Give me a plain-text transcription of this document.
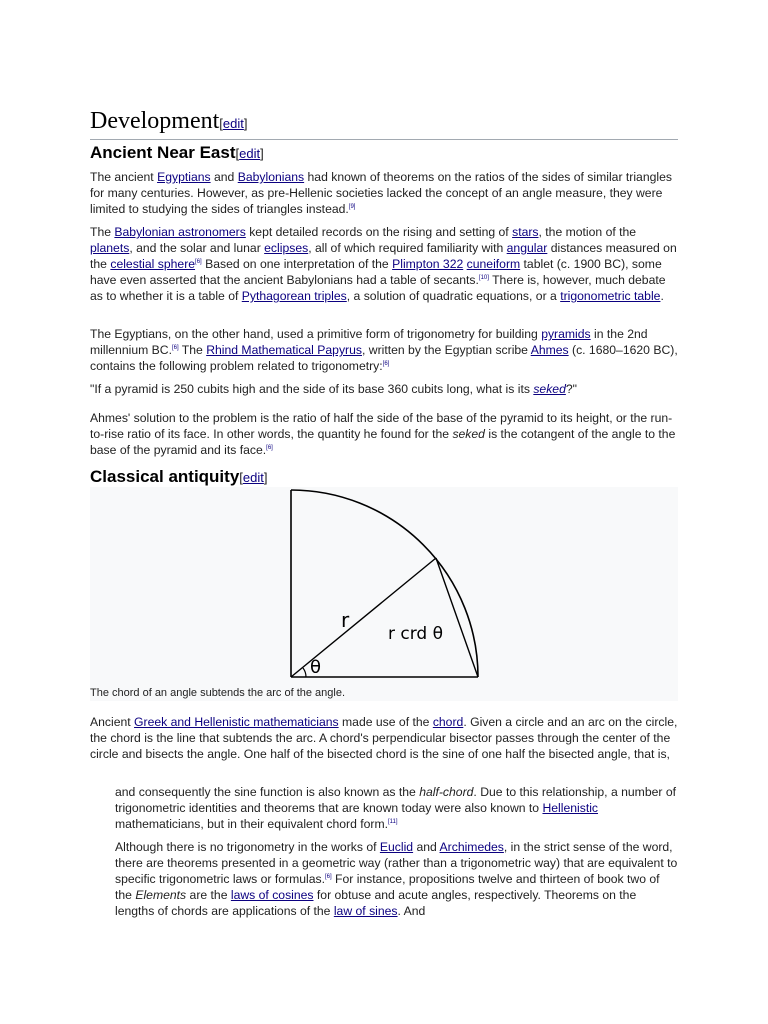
Development[edit]
Ancient Near East[edit]

The ancient Egyptians and Babylonians had known of theorems on the ratios of the sides of similar triangles for many centuries. However, as pre-Hellenic societies lacked the concept of an angle measure, they were limited to studying the sides of triangles instead.[9]

The Babylonian astronomers kept detailed records on the rising and setting of stars, the motion of the planets, and the solar and lunar eclipses, all of which required familiarity with angular distances measured on the celestial sphere[6] Based on one interpretation of the Plimpton 322 cuneiform tablet (c. 1900 BC), some have even asserted that the ancient Babylonians had a table of secants.[10] There is, however, much debate as to whether it is a table of Pythagorean triples, a solution of quadratic equations, or a trigonometric table.

The Egyptians, on the other hand, used a primitive form of trigonometry for building pyramids in the 2nd millennium BC.[6] The Rhind Mathematical Papyrus, written by the Egyptian scribe Ahmes (c. 1680–1620 BC), contains the following problem related to trigonometry:[6]

"If a pyramid is 250 cubits high and the side of its base 360 cubits long, what is its seked?"

Ahmes' solution to the problem is the ratio of half the side of the base of the pyramid to its height, or the run-to-rise ratio of its face. In other words, the quantity he found for the seked is the cotangent of the angle to the base of the pyramid and its face.[6]

Classical antiquity[edit]
r
r crd θ
θ
The chord of an angle subtends the arc of the angle.

Ancient Greek and Hellenistic mathematicians made use of the chord. Given a circle and an arc on the circle, the chord is the line that subtends the arc. A chord's perpendicular bisector passes through the center of the circle and bisects the angle. One half of the bisected chord is the sine of one half the bisected angle, that is,

and consequently the sine function is also known as the half-chord. Due to this relationship, a number of trigonometric identities and theorems that are known today were also known to Hellenistic mathematicians, but in their equivalent chord form.[11]

Although there is no trigonometry in the works of Euclid and Archimedes, in the strict sense of the word, there are theorems presented in a geometric way (rather than a trigonometric way) that are equivalent to specific trigonometric laws or formulas.[6] For instance, propositions twelve and thirteen of book two of the Elements are the laws of cosines for obtuse and acute angles, respectively. Theorems on the lengths of chords are applications of the law of sines. And
